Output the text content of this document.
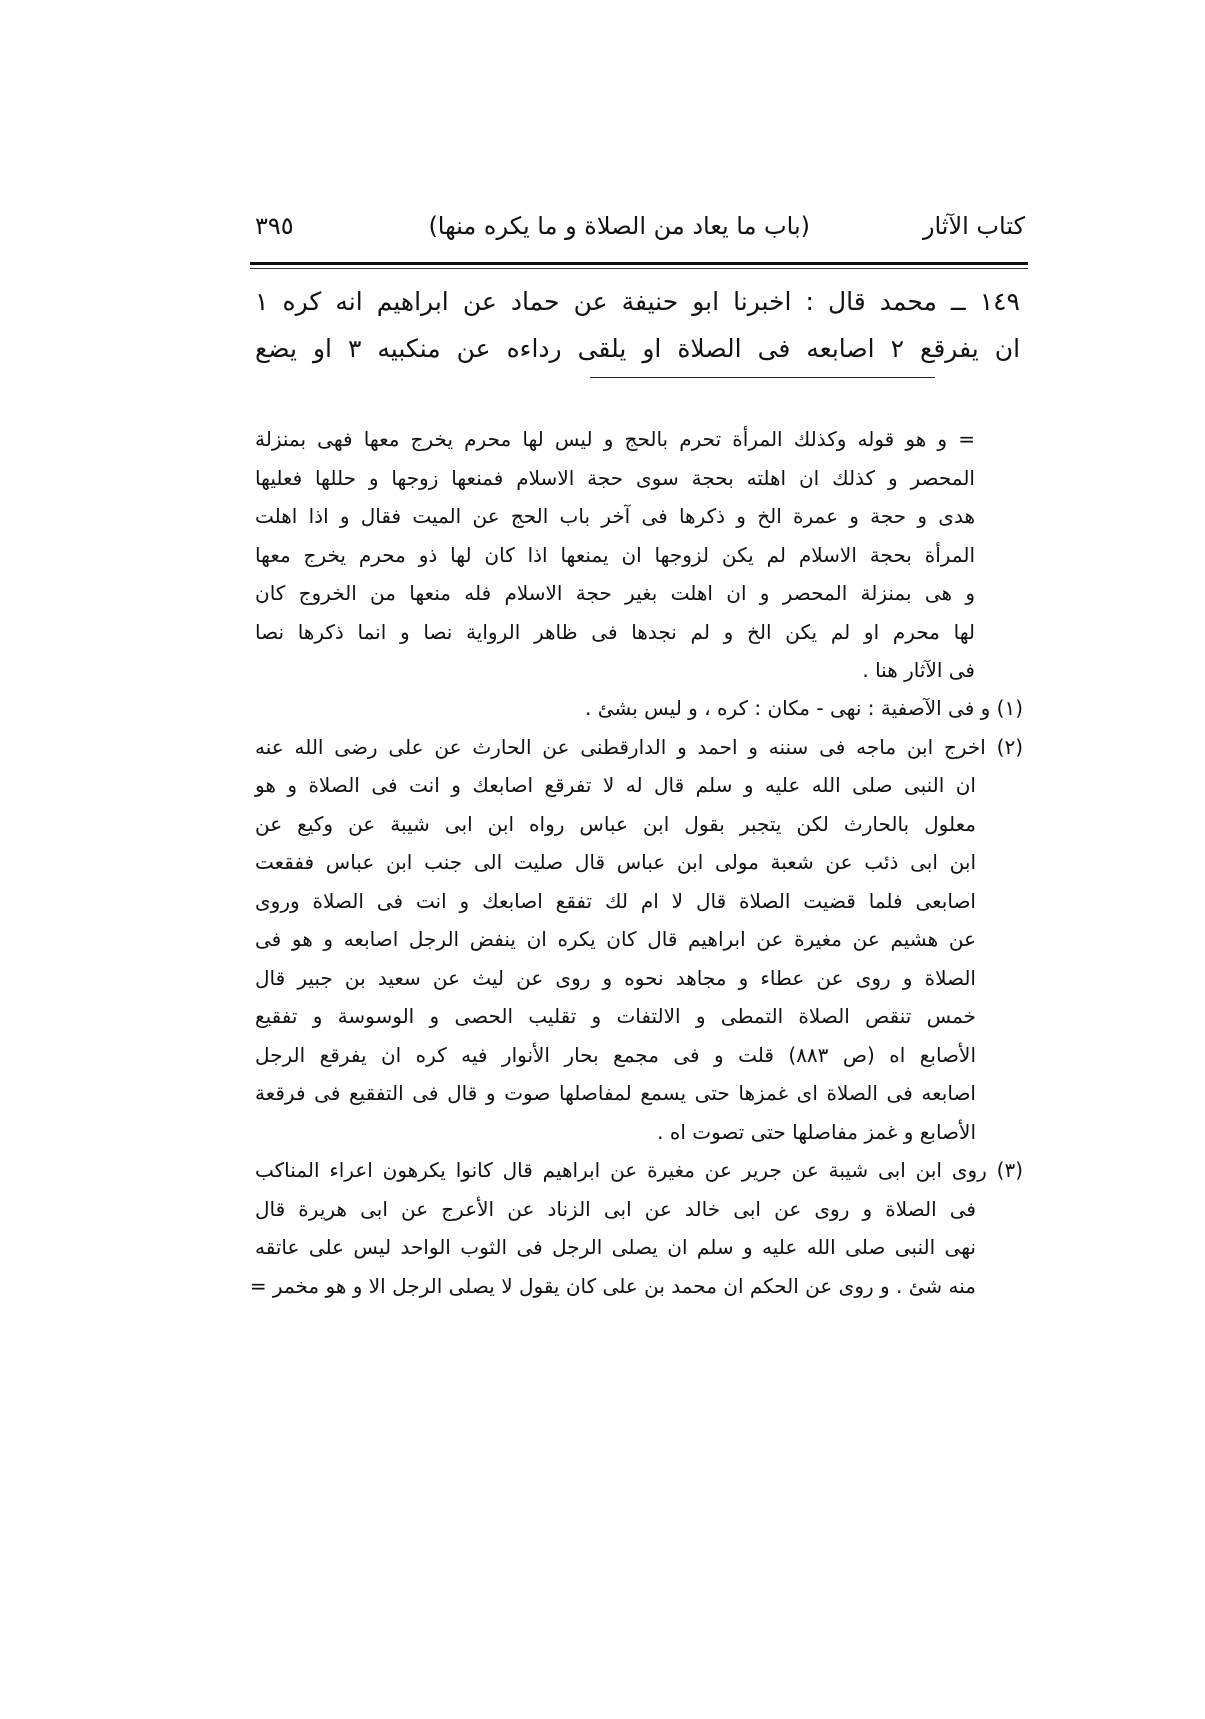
كتاب الآثار
(باب ما يعاد من الصلاة و ما يكره منها)
٣٩٥
١٤٩ ــ محمد قال : اخبرنا ابو حنيفة عن حماد عن ابراهيم انه كره ١
ان يفرقع ٢ اصابعه فى الصلاة او يلقى رداءه عن منكبيه ٣ او يضع
= و هو قوله وكذلك المرأة تحرم بالحج و ليس لها محرم يخرج معها فهى بمنزلة
المحصر و كذلك ان اهلته بحجة سوى حجة الاسلام فمنعها زوجها و حللها فعليها
هدى و حجة و عمرة الخ و ذكرها فى آخر باب الحج عن الميت فقال و اذا اهلت
المرأة بحجة الاسلام لم يكن لزوجها ان يمنعها اذا كان لها ذو محرم يخرج معها
و هى بمنزلة المحصر و ان اهلت بغير حجة الاسلام فله منعها من الخروج كان
لها محرم او لم يكن الخ و لم نجدها فى ظاهر الرواية نصا و انما ذكرها نصا
فى الآثار هنا .
(١) و فى الآصفية : نهى - مكان : كره ، و ليس بشئ .
(٢) اخرج ابن ماجه فى سننه و احمد و الدارقطنى عن الحارث عن على رضى الله عنه
ان النبى صلى الله عليه و سلم قال له لا تفرقع اصابعك و انت فى الصلاة و هو
معلول بالحارث لكن يتجبر بقول ابن عباس رواه ابن ابى شيبة عن وكيع عن
ابن ابى ذئب عن شعبة مولى ابن عباس قال صليت الى جنب ابن عباس ففقعت
اصابعى فلما قضيت الصلاة قال لا ام لك تفقع اصابعك و انت فى الصلاة وروى
عن هشيم عن مغيرة عن ابراهيم قال كان يكره ان ينفض الرجل اصابعه و هو فى
الصلاة و روى عن عطاء و مجاهد نحوه و روى عن ليث عن سعيد بن جبير قال
خمس تنقص الصلاة التمطى و الالتفات و تقليب الحصى و الوسوسة و تفقيع
الأصابع اه (ص ٨٨٣) قلت و فى مجمع بحار الأنوار فيه كره ان يفرقع الرجل
اصابعه فى الصلاة اى غمزها حتى يسمع لمفاصلها صوت و قال فى التفقيع فى فرقعة
الأصابع و غمز مفاصلها حتى تصوت اه .
(٣) روى ابن ابى شيبة عن جرير عن مغيرة عن ابراهيم قال كانوا يكرهون اعراء المناكب
فى الصلاة و روى عن ابى خالد عن ابى الزناد عن الأعرج عن ابى هريرة قال
نهى النبى صلى الله عليه و سلم ان يصلى الرجل فى الثوب الواحد ليس على عاتقه
منه شئ . و روى عن الحكم ان محمد بن على كان يقول لا يصلى الرجل الا و هو مخمر =
